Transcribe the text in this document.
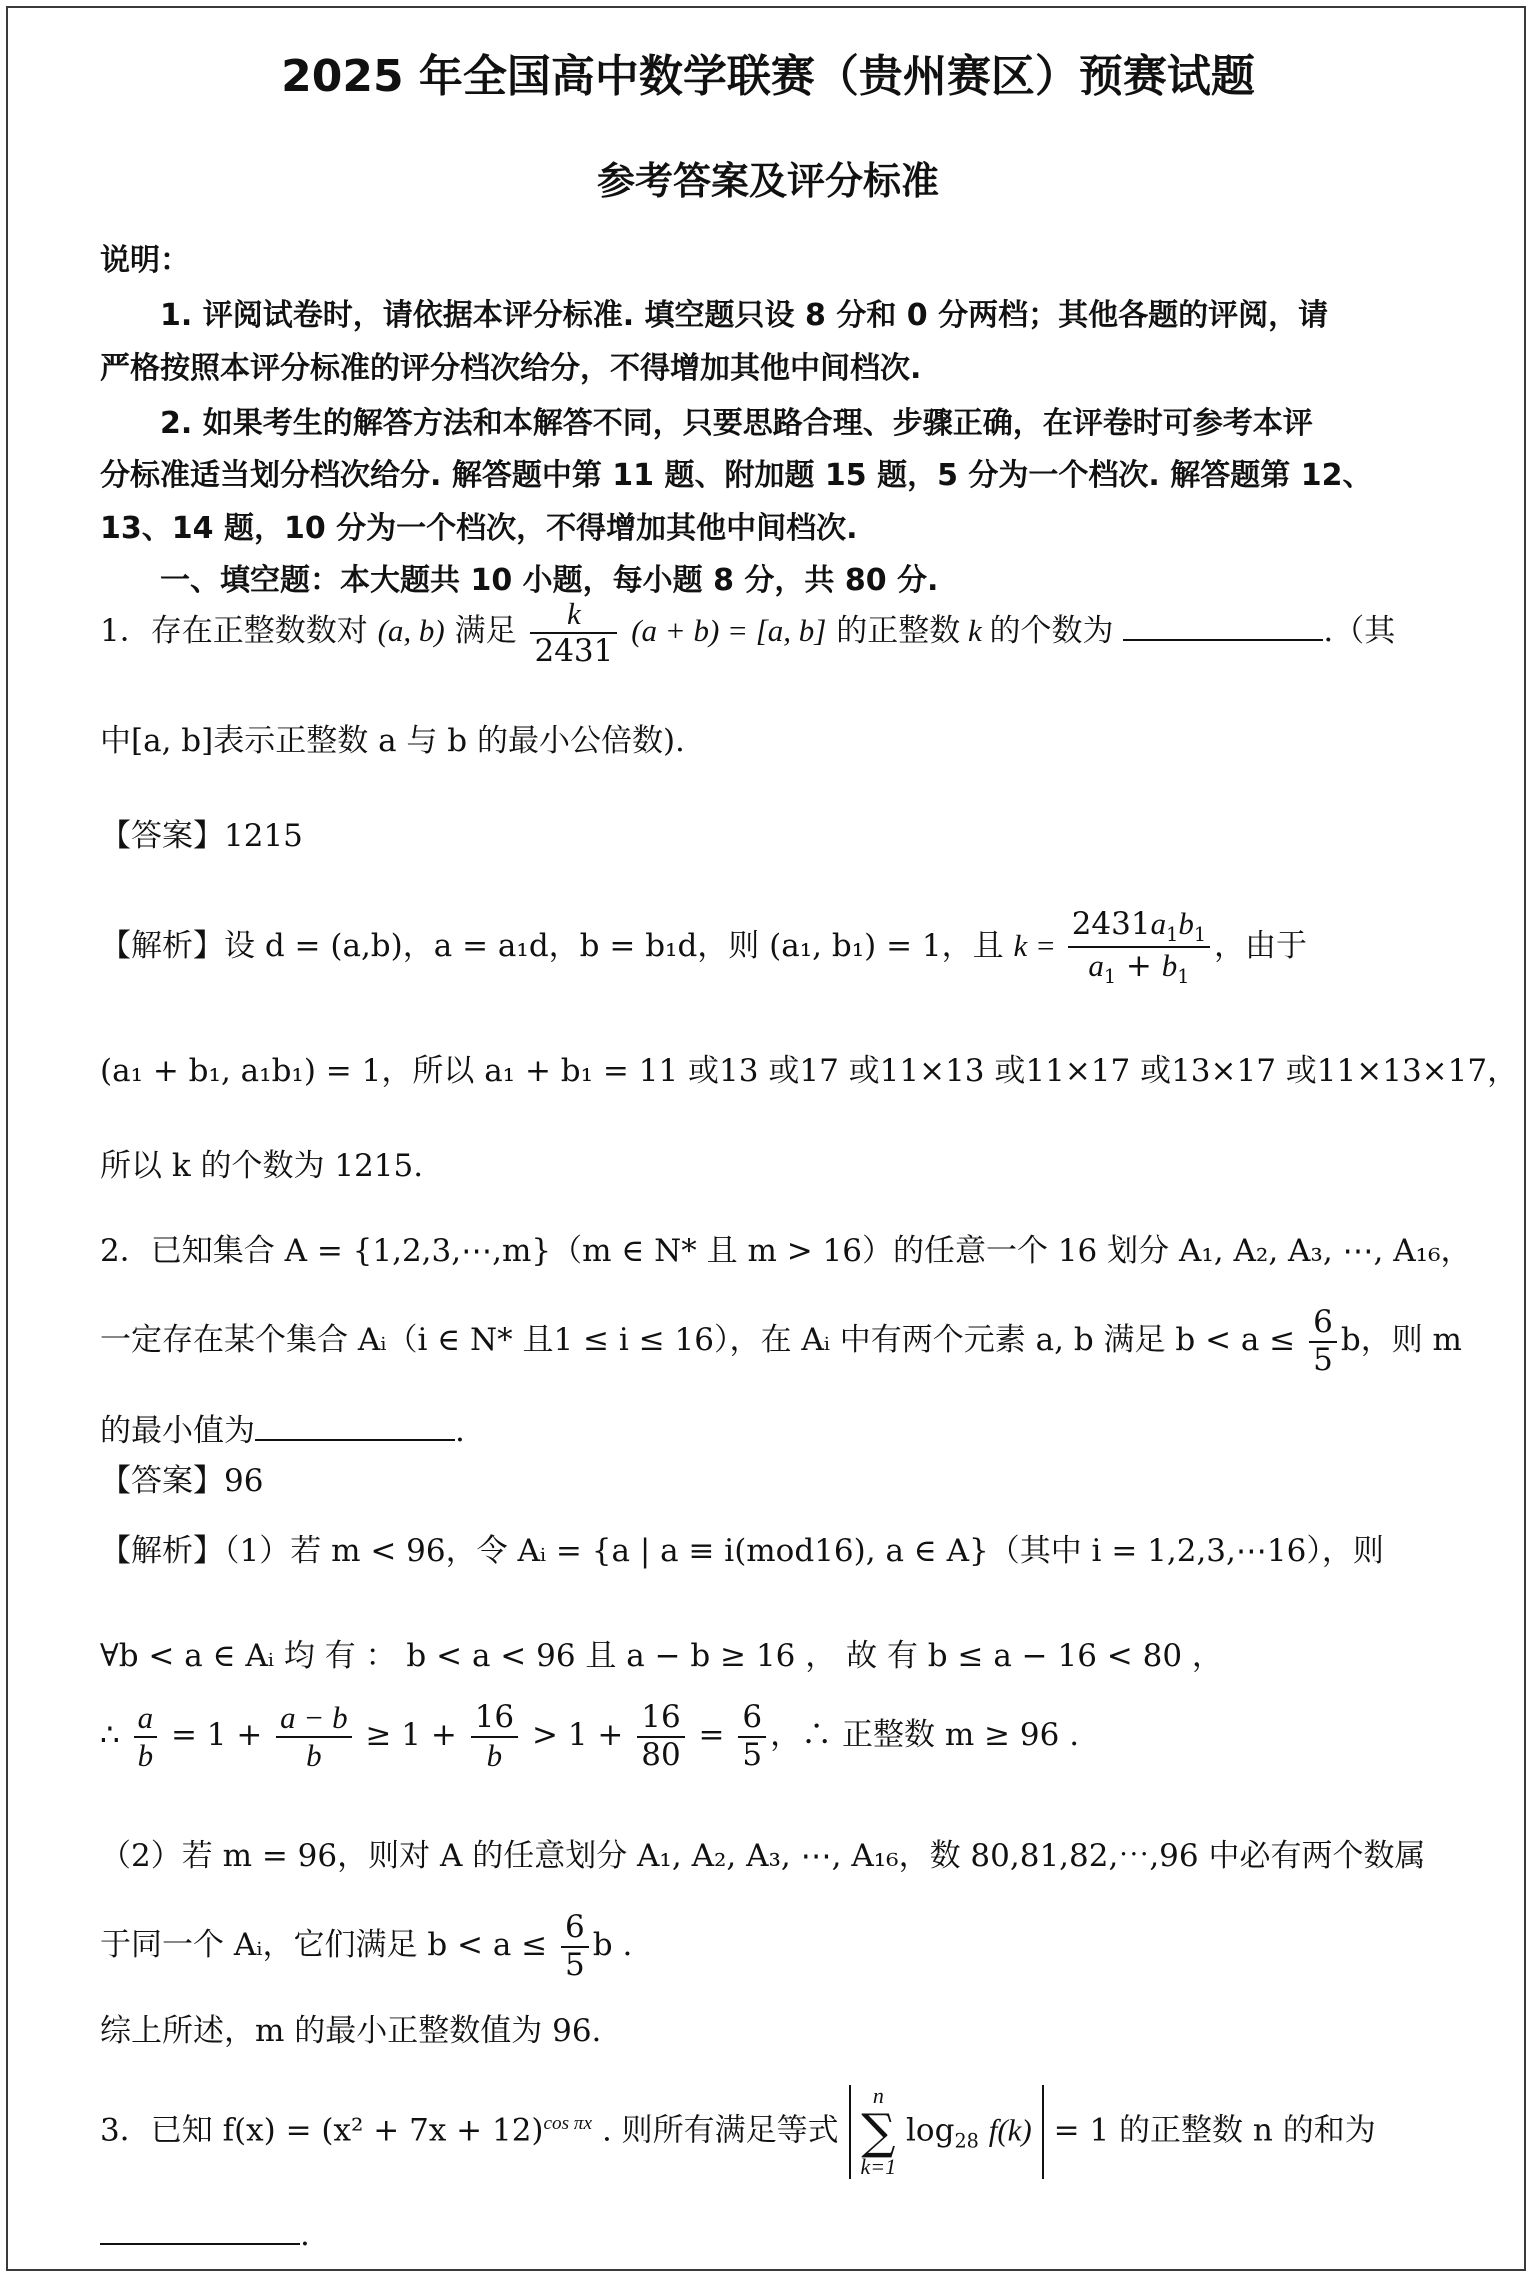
2025 年全国高中数学联赛（贵州赛区）预赛试题
参考答案及评分标准
说明：
1. 评阅试卷时，请依据本评分标准. 填空题只设 8 分和 0 分两档；其他各题的评阅，请
严格按照本评分标准的评分档次给分，不得增加其他中间档次.
2. 如果考生的解答方法和本解答不同，只要思路合理、步骤正确，在评卷时可参考本评
分标准适当划分档次给分. 解答题中第 11 题、附加题 15 题，5 分为一个档次. 解答题第 12、
13、14 题，10 分为一个档次，不得增加其他中间档次.
一、填空题：本大题共 10 小题，每小题 8 分，共 80 分.
1．存在正整数数对 (a, b) 满足 $\frac{k}{2431} (a + b) = [a$, b] 的正整数 k 的个数为	.（其
中[a, b]表示正整数 a 与 b 的最小公倍数).
【答案】1215
【解析】设 d = (a,b)，a = a₁d，b = b₁d，则 (a₁, b₁) = 1，且 $k = \frac{2431a_1b_1}{a_1 + b_1}$ ，由于
(a₁ + b₁, a₁b₁) = 1，所以 a₁ + b₁ = 11 或13 或17 或11×13 或11×17 或13×17 或11×13×17，
所以 k 的个数为 1215.
2．已知集合 A = {1,2,3,⋯,m}（m ∈ N* 且 m > 16）的任意一个 16 划分 A₁, A₂, A₃, ⋯, A₁₆，
一定存在某个集合 Aᵢ（i ∈ N* 且1 ≤ i ≤ 16），在 Aᵢ 中有两个元素 a, b 满足 $b < a \le \frac{6}{5}$ b，则 m
的最小值为	.
【答案】96
【解析】（1）若 m < 96，令 Aᵢ = {a | a ≡ i(mod16), a ∈ A}（其中 i = 1,2,3,⋯16），则
∀b < a ∈ Aᵢ 均 有 ： b < a < 96 且 a − b ≥ 16 ， 故 有 b ≤ a − 16 < 80 ，
∴ $\frac{a}{b} = 1 + \frac{a - b}{b} \ge 1 + \frac{16}{b} > 1 + \frac{16}{80} = \frac{6}{5}$ ，∴ 正整数 m ≥ 96 .
（2）若 m = 96，则对 A 的任意划分 A₁, A₂, A₃, ⋯, A₁₆，数 80,81,82,⋯,96 中必有两个数属
于同一个 Aᵢ，它们满足 $b < a \le \frac{6}{5}$ b .
综上所述，m 的最小正整数值为 96.
3．已知 $f(x) = (x^2 + 7x + 12)^{cos \pi x}$ . 则所有满足等式 n
∑
k=1 $\log_{28} f(k) = 1$ 的正整数 n 的和为
.
